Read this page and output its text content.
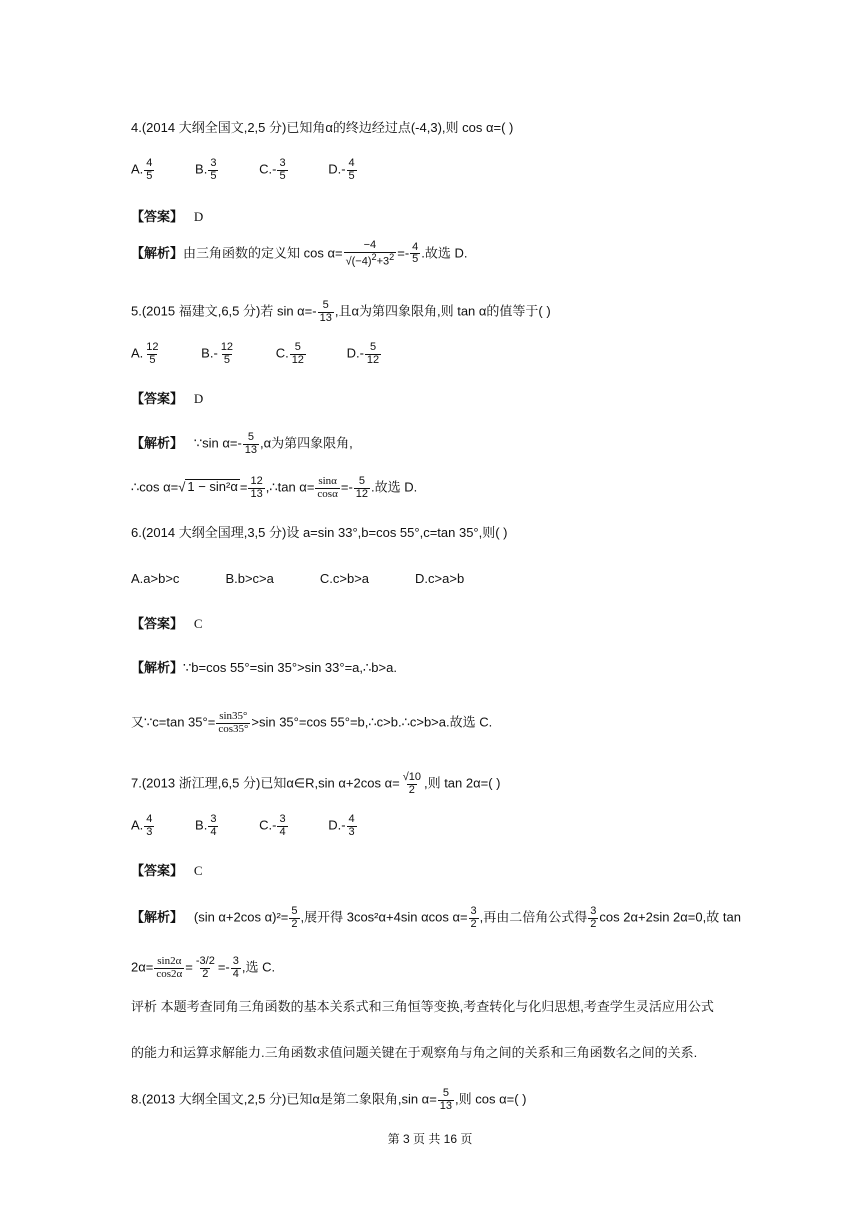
4.(2014 大纲全国文,2,5 分)已知角α的终边经过点(-4,3),则 cos α=( )
A. $\frac{4}{5}$	B. $\frac{3}{5}$	$C.- \frac{3}{5}$	$D.- \frac{4}{5}$
【答案】 D
【解析】由三角函数的定义知 $\cos \alpha= \frac{-4}{√(-4)^2+3^2} =- \frac{4}{5}$ .故选 D.
5.(2015 福建文,6,5 分)若 $\sin \alpha=- \frac{5}{13}$ ,且α为第四象限角,则 tan α的值等于( )
A. $\frac{12}{5}$	$B.- \frac{12}{5}$	C. $\frac{5}{12}$	$D.- \frac{5}{12}$
【答案】 D
【解析】 ∵sin $\alpha=- \frac{5}{13} ,\alpha$为第四象限角,
∴cos α=√ $1 - \sin^2\alpha = \frac{12}{13}$ ,∴tan $\alpha= \frac{\sin\alpha}{\cos\alpha} =- \frac{5}{12}$ .故选 D.
6.(2014 大纲全国理,3,5 分)设 a=sin 33°,b=cos 55°,c=tan 35°,则( )
A.a>b>c	B.b>c>a	C.c>b>a	D.c>a>b
【答案】 C
【解析】∵b=cos 55°=sin 35°>sin 33°=a,∴b>a.
又∵c=tan $35^\circ= \frac{\sin 35^\circ}{\cos 35^\circ} >\sin$ 35°=cos 55°=b,∴c>b.∴c>b>a.故选 C.
7.(2013 浙江理,6,5 分)已知α∈R,sin α+2cos $\alpha= \frac{√10}{2}$ ,则 tan 2α=( )
A. $\frac{4}{3}$	B. $\frac{3}{4}$	$C.- \frac{3}{4}$	$D.- \frac{4}{3}$
【答案】 C
【解析】 (sin α+2cos $\alpha)^2= \frac{5}{2}$ ,展开得 3cos²α+4sin αcos $\alpha= \frac{3}{2}$ ,再由二倍角公式得 $\frac{3}{2}$ cos 2α+2sin 2α=0,故 tan
$2\alpha= \frac{\sin 2\alpha}{\cos 2\alpha} = \frac{-3/2}{2} =- \frac{3}{4}$ ,选 C.
评析 本题考查同角三角函数的基本关系式和三角恒等变换,考查转化与化归思想,考查学生灵活应用公式
的能力和运算求解能力.三角函数求值问题关键在于观察角与角之间的关系和三角函数名之间的关系.
8.(2013 大纲全国文,2,5 分)已知α是第二象限角,sin $\alpha= \frac{5}{13}$ ,则 cos α=( )
第 3 页 共 16 页
